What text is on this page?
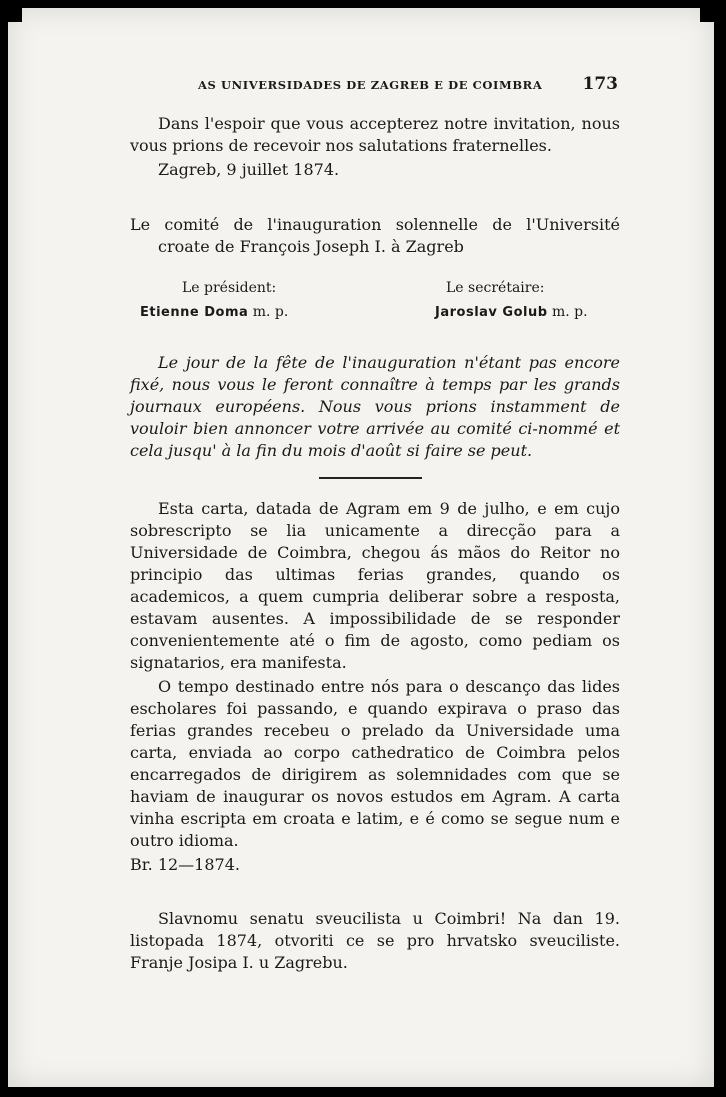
AS UNIVERSIDADES DE ZAGREB E DE COIMBRA 173

Dans l'espoir que vous accepterez notre invitation, nous vous prions de recevoir nos salutations fraternelles.

Zagreb, 9 juillet 1874.

Le comité de l'inauguration solennelle de l'Université croate de François Joseph I. à Zagreb

Le président:
Etienne Doma m. p.
Le secrétaire:
Jaroslav Golub m. p.

Le jour de la fête de l'inauguration n'étant pas encore fixé, nous vous le feront connaître à temps par les grands journaux européens. Nous vous prions instamment de vouloir bien annoncer votre arrivée au comité ci-nommé et cela jusqu' à la fin du mois d'août si faire se peut.

Esta carta, datada de Agram em 9 de julho, e em cujo sobrescripto se lia unicamente a direcção para a Universidade de Coimbra, chegou ás mãos do Reitor no principio das ultimas ferias grandes, quando os academicos, a quem cumpria deliberar sobre a resposta, estavam ausentes. A impossibilidade de se responder convenientemente até o fim de agosto, como pediam os signatarios, era manifesta.

O tempo destinado entre nós para o descanço das lides escholares foi passando, e quando expirava o praso das ferias grandes recebeu o prelado da Universidade uma carta, enviada ao corpo cathedratico de Coimbra pelos encarregados de dirigirem as solemnidades com que se haviam de inaugurar os novos estudos em Agram. A carta vinha escripta em croata e latim, e é como se segue num e outro idioma.

Br. 12—1874.

Slavnomu senatu sveucilista u Coimbri! Na dan 19. listopada 1874, otvoriti ce se pro hrvatsko sveuciliste. Franje Josipa I. u Zagrebu.
